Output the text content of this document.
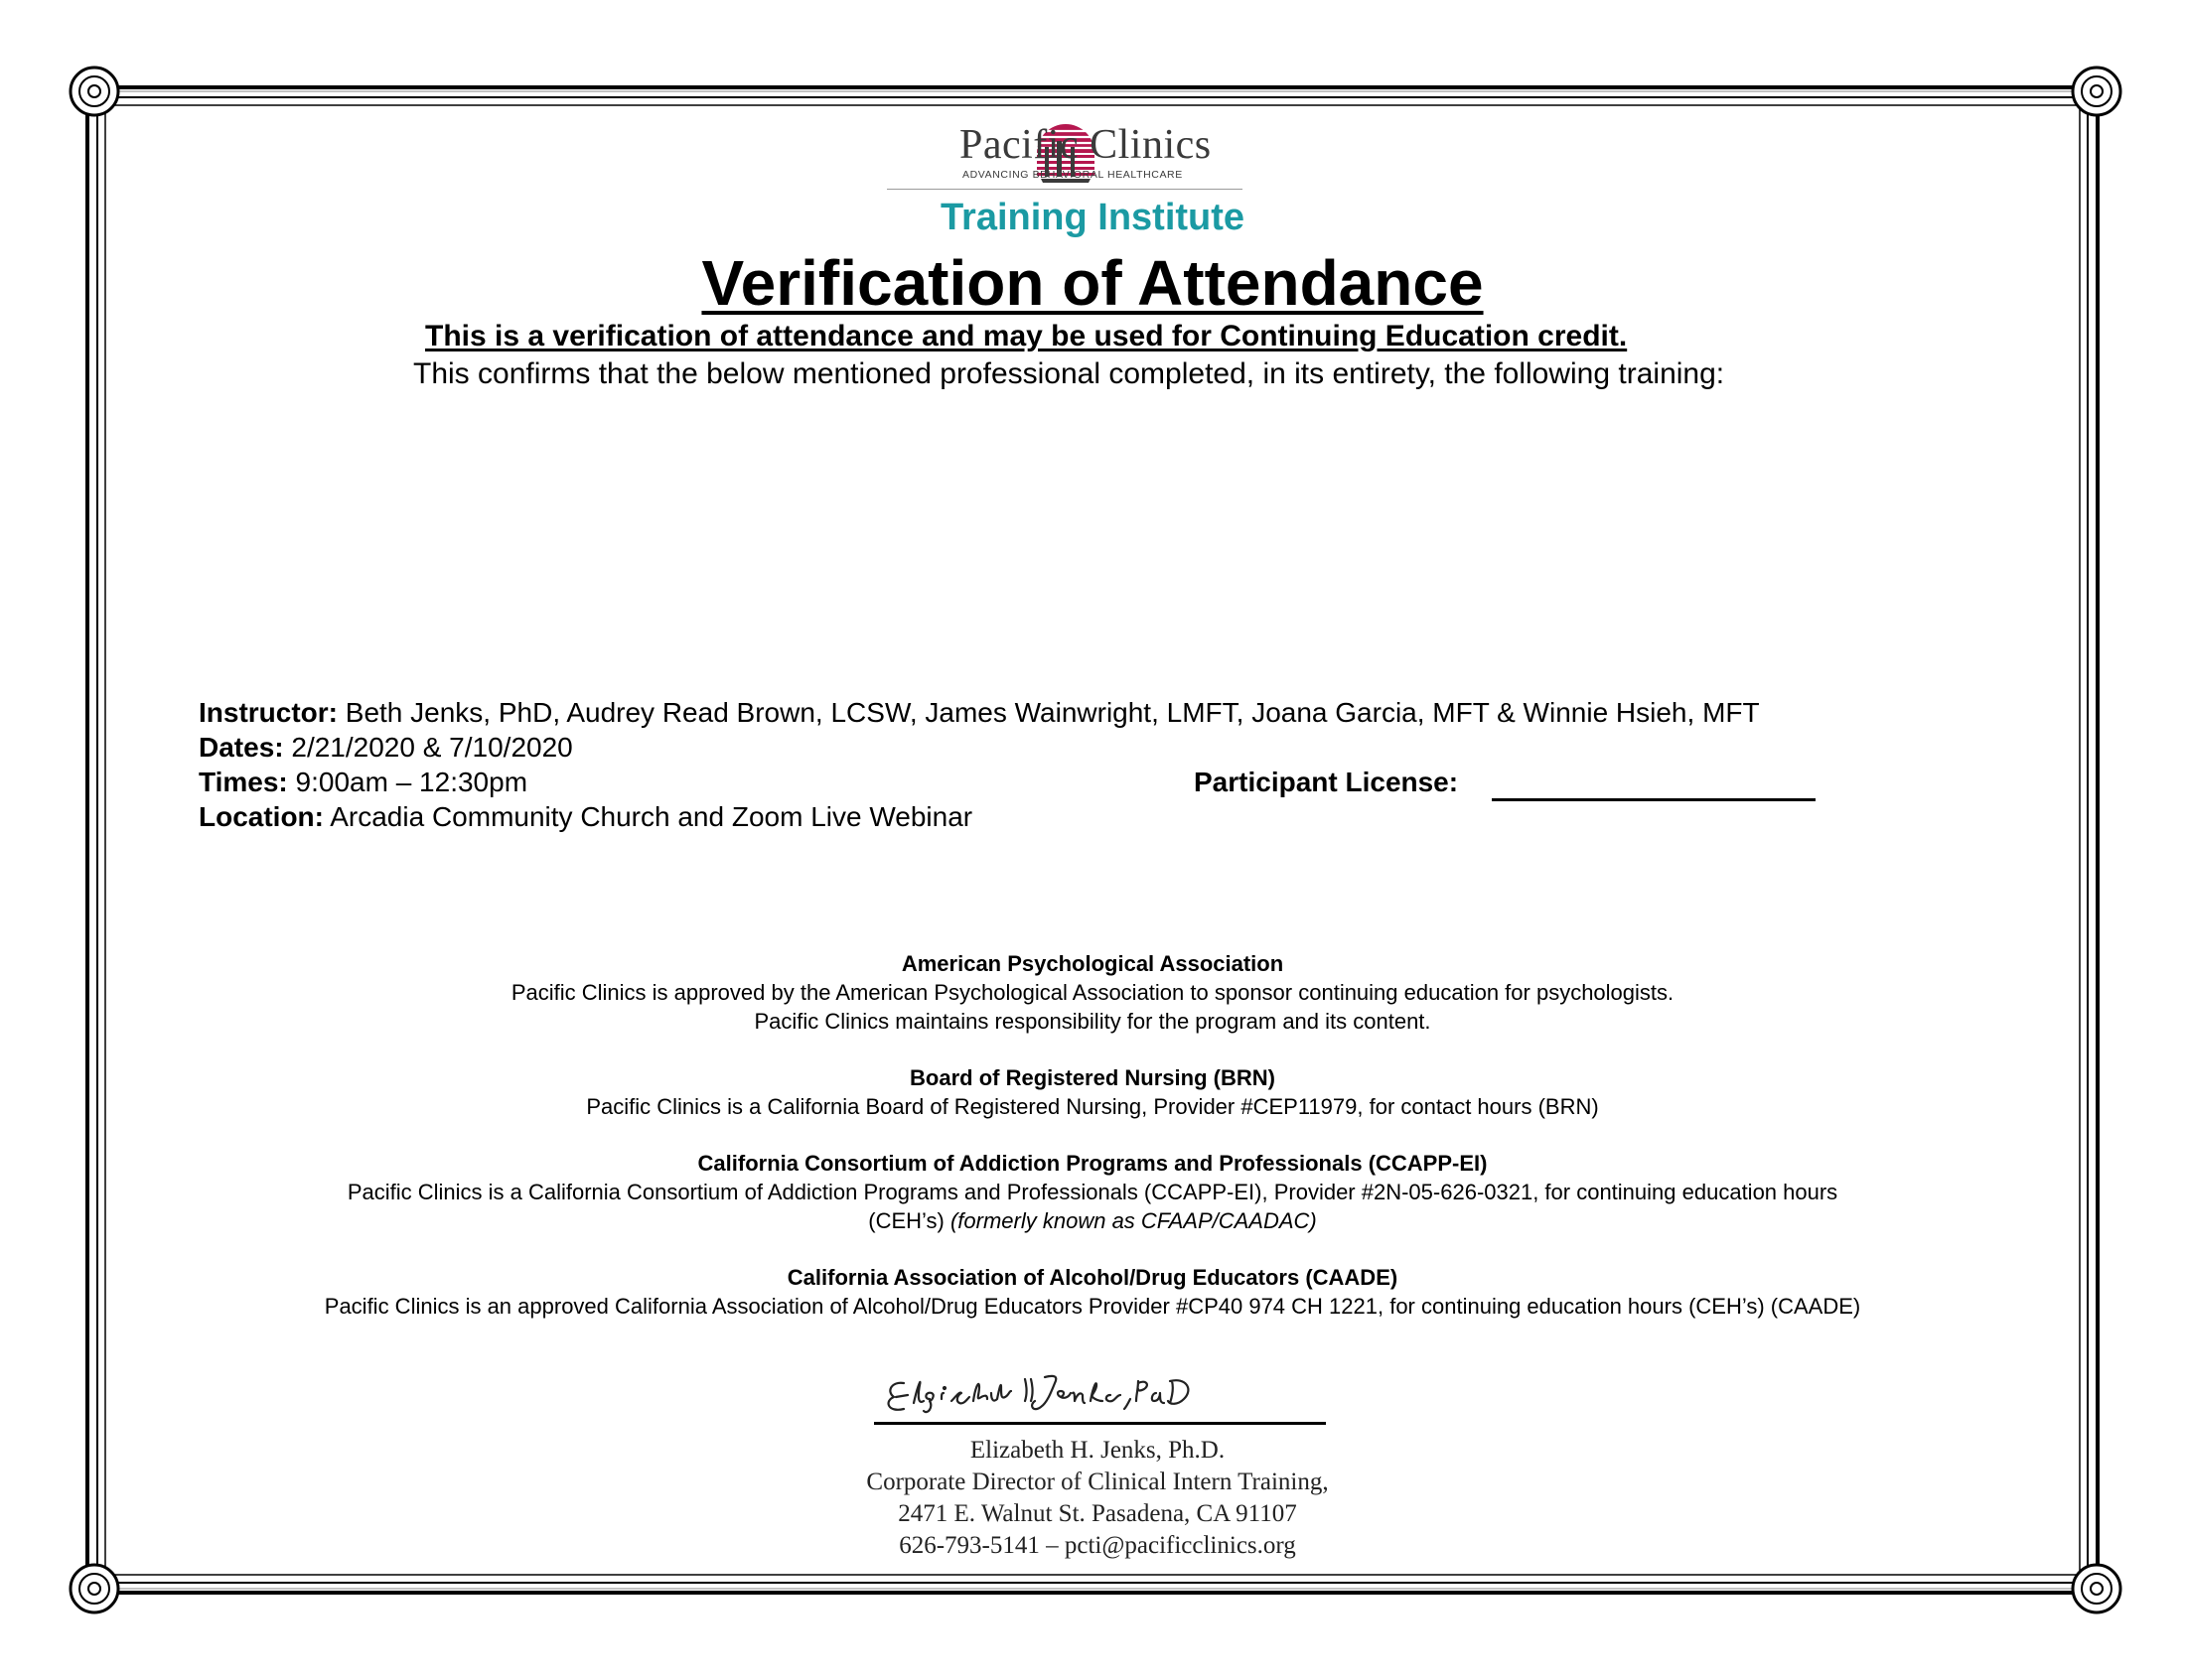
Pacific Clinics
ADVANCING BEHAVIORAL HEALTHCARE
Training Institute
Verification of Attendance
This is a verification of attendance and may be used for Continuing Education credit.
This confirms that the below mentioned professional completed, in its entirety, the following training:
Instructor: Beth Jenks, PhD, Audrey Read Brown, LCSW, James Wainwright, LMFT, Joana Garcia, MFT & Winnie Hsieh, MFT
Dates: 2/21/2020 & 7/10/2020
Times: 9:00am – 12:30pm
Location: Arcadia Community Church and Zoom Live Webinar
Participant License:
American Psychological Association
Pacific Clinics is approved by the American Psychological Association to sponsor continuing education for psychologists.
Pacific Clinics maintains responsibility for the program and its content.
Board of Registered Nursing (BRN)
Pacific Clinics is a California Board of Registered Nursing, Provider #CEP11979, for contact hours (BRN)
California Consortium of Addiction Programs and Professionals (CCAPP-EI)
Pacific Clinics is a California Consortium of Addiction Programs and Professionals (CCAPP-EI), Provider #2N-05-626-0321, for continuing education hours
(CEH’s) (formerly known as CFAAP/CAADAC)
California Association of Alcohol/Drug Educators (CAADE)
Pacific Clinics is an approved California Association of Alcohol/Drug Educators Provider #CP40 974 CH 1221, for continuing education hours (CEH’s) (CAADE)
Elizabeth H. Jenks, Ph.D.
Corporate Director of Clinical Intern Training,
2471 E. Walnut St. Pasadena, CA 91107
626-793-5141 – pcti@pacificclinics.org
